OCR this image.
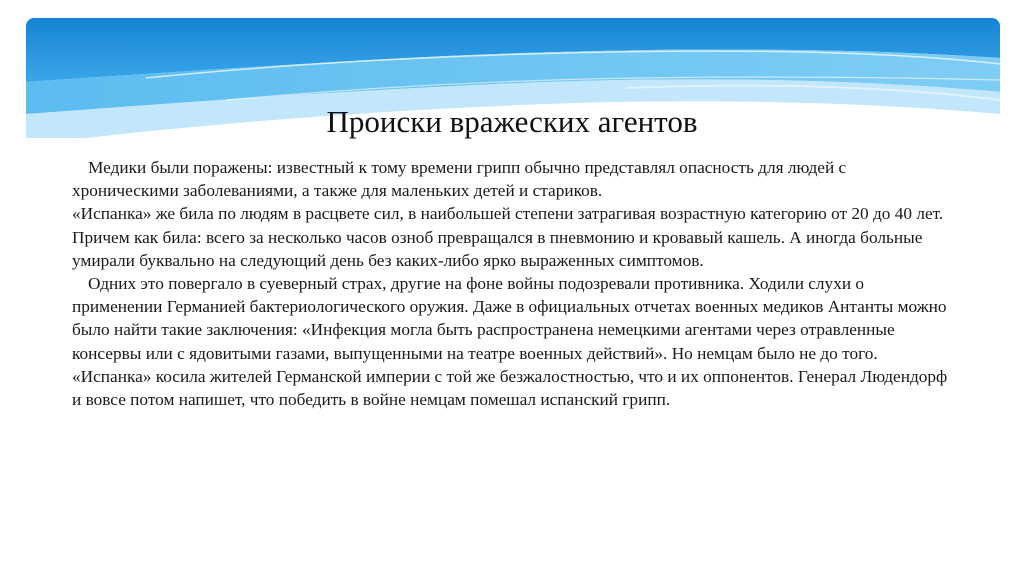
Происки вражеских агентов

Медики были поражены: известный к тому времени грипп обычно представлял опасность для людей с хроническими заболеваниями, а также для маленьких детей и стариков.

«Испанка» же била по людям в расцвете сил, в наибольшей степени затрагивая возрастную категорию от 20 до 40 лет. Причем как била: всего за несколько часов озноб превращался в пневмонию и кровавый кашель. А иногда больные умирали буквально на следующий день без каких-либо ярко выраженных симптомов.

Одних это повергало в суеверный страх, другие на фоне войны подозревали противника. Ходили слухи о применении Германией бактериологического оружия. Даже в официальных отчетах военных медиков Антанты можно было найти такие заключения: «Инфекция могла быть распространена немецкими агентами через отравленные консервы или с ядовитыми газами, выпущенными на театре военных действий». Но немцам было не до того. «Испанка» косила жителей Германской империи с той же безжалостностью, что и их оппонентов. Генерал Людендорф и вовсе потом напишет, что победить в войне немцам помешал испанский грипп.
